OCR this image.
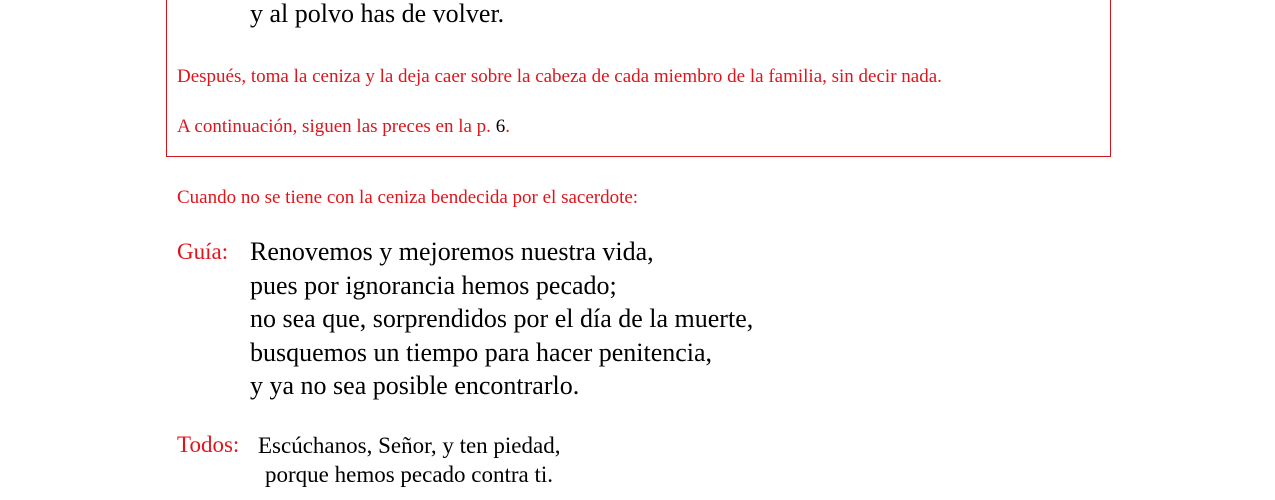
y al polvo has de volver.
Después, toma la ceniza y la deja caer sobre la cabeza de cada miembro de la familia, sin decir nada.
A continuación, siguen las preces en la p. 6.
Cuando no se tiene con la ceniza bendecida por el sacerdote:
Guía: Renovemos y mejoremos nuestra vida,
pues por ignorancia hemos pecado;
no sea que, sorprendidos por el día de la muerte,
busquemos un tiempo para hacer penitencia,
y ya no sea posible encontrarlo.
Todos: Escúchanos, Señor, y ten piedad,
porque hemos pecado contra ti.
